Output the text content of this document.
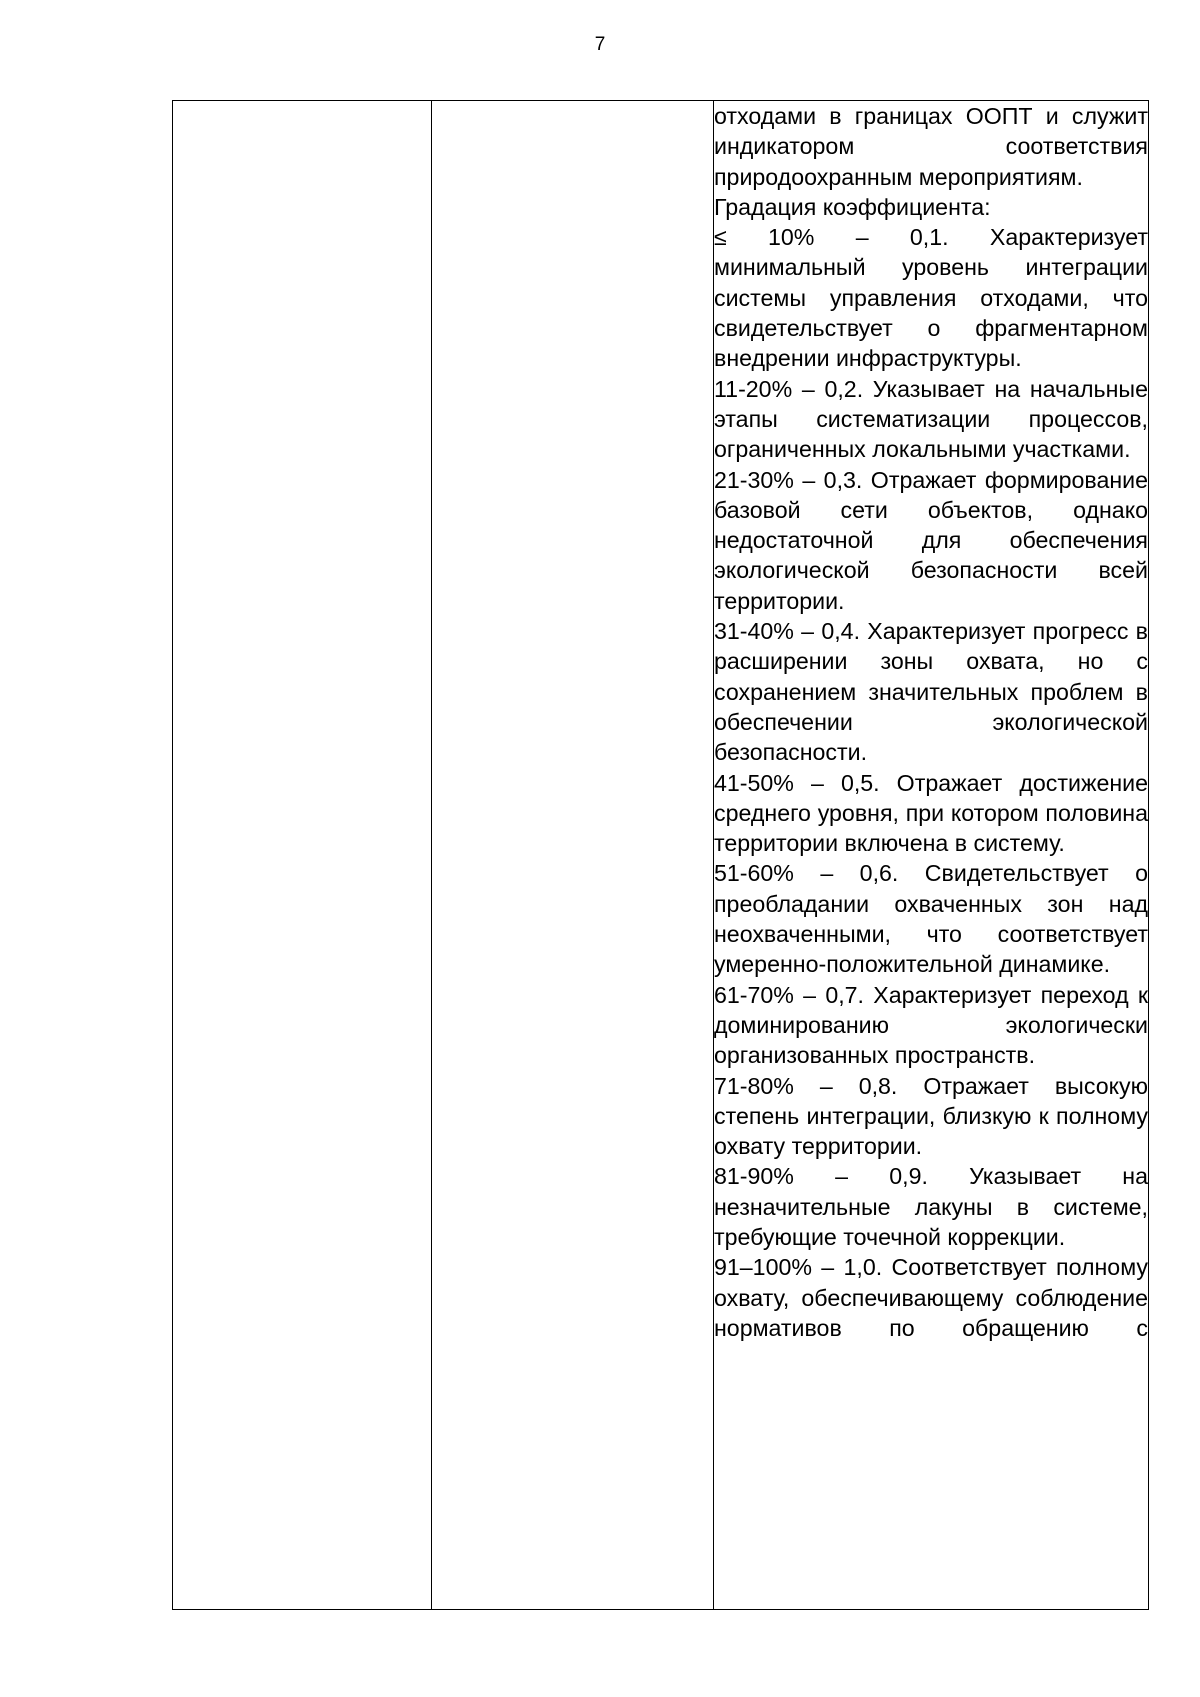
7

отходами в границах ООПТ и служит индикатором соответствия природоохранным мероприятиям.

Градация коэффициента:

≤ 10% – 0,1. Характеризует минимальный уровень интеграции системы управления отходами, что свидетельствует о фрагментарном внедрении инфраструктуры.

11-20% – 0,2. Указывает на начальные этапы систематизации процессов, ограниченных локальными участками.

21-30% – 0,3. Отражает формирование базовой сети объектов, однако недостаточной для обеспечения экологической безопасности всей территории.

31-40% – 0,4. Характеризует прогресс в расширении зоны охвата, но с сохранением значительных проблем в обеспечении экологической безопасности.

41-50% – 0,5. Отражает достижение среднего уровня, при котором половина территории включена в систему.

51-60% – 0,6. Свидетельствует о преобладании охваченных зон над неохваченными, что соответствует умеренно-положительной динамике.

61-70% – 0,7. Характеризует переход к доминированию экологически организованных пространств.

71-80% – 0,8. Отражает высокую степень интеграции, близкую к полному охвату территории.

81-90% – 0,9. Указывает на незначительные лакуны в системе, требующие точечной коррекции.

91–100% – 1,0. Соответствует полному охвату, обеспечивающему соблюдение нормативов по обращению с
